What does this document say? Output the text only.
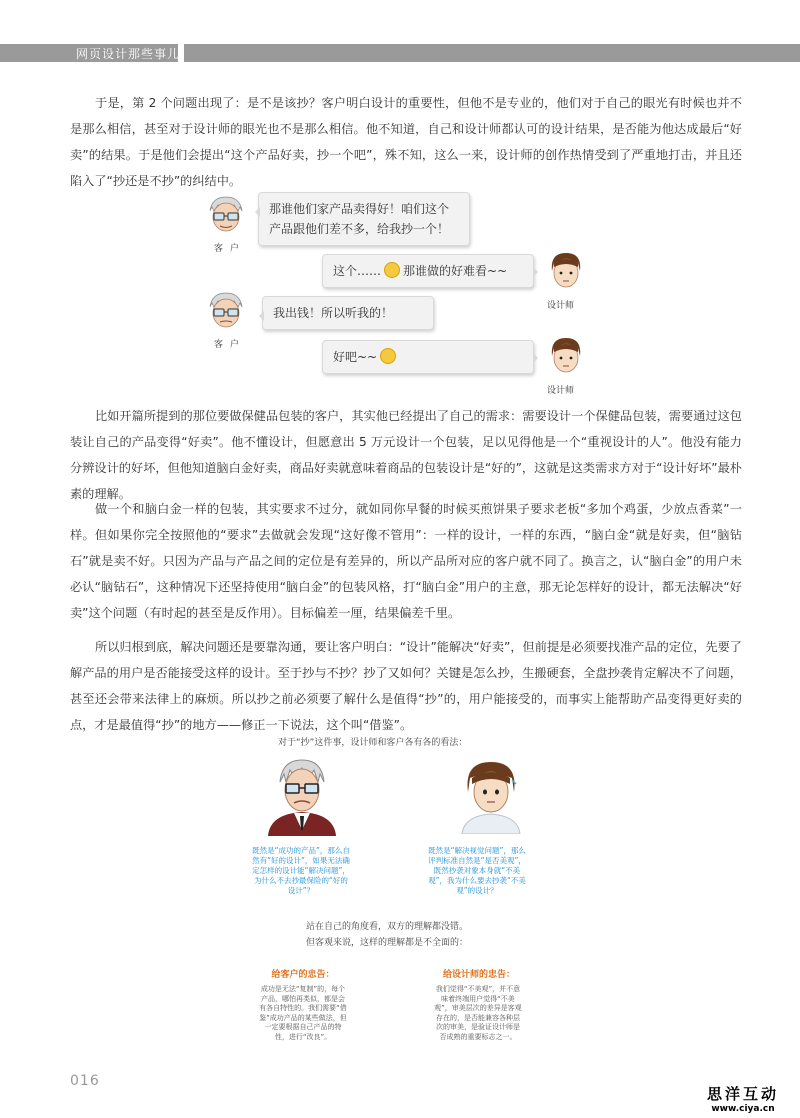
网页设计那些事儿
于是，第 2 个问题出现了：是不是该抄？客户明白设计的重要性，但他不是专业的，他们对于自己的眼光有时候也并不是那么相信，甚至对于设计师的眼光也不是那么相信。他不知道，自己和设计师都认可的设计结果，是否能为他达成最后“好卖”的结果。于是他们会提出“这个产品好卖，抄一个吧”，殊不知，这么一来，设计师的创作热情受到了严重地打击，并且还陷入了“抄还是不抄”的纠结中。
客 户
那谁他们家产品卖得好！咱们这个产品跟他们差不多，给我抄一个！
设计师
这个…… 那谁做的好难看~~
客 户
我出钱！所以听我的！
设计师
好吧~~
比如开篇所提到的那位要做保健品包装的客户，其实他已经提出了自己的需求：需要设计一个保健品包装，需要通过这包装让自己的产品变得“好卖”。他不懂设计，但愿意出 5 万元设计一个包装，足以见得他是一个“重视设计的人”。他没有能力分辨设计的好坏，但他知道脑白金好卖，商品好卖就意味着商品的包装设计是“好的”，这就是这类需求方对于“设计好坏”最朴素的理解。
做一个和脑白金一样的包装，其实要求不过分，就如同你早餐的时候买煎饼果子要求老板“多加个鸡蛋，少放点香菜”一样。但如果你完全按照他的“要求”去做就会发现“这好像不管用”：一样的设计，一样的东西，“脑白金“就是好卖，但“脑钻石”就是卖不好。只因为产品与产品之间的定位是有差异的，所以产品所对应的客户就不同了。换言之，认“脑白金”的用户未必认“脑钻石”，这种情况下还坚持使用“脑白金”的包装风格，打“脑白金”用户的主意，那无论怎样好的设计，都无法解决“好卖”这个问题（有时起的甚至是反作用）。目标偏差一厘，结果偏差千里。
所以归根到底，解决问题还是要靠沟通，要让客户明白：“设计”能解决“好卖”，但前提是必须要找准产品的定位，先要了解产品的用户是否能接受这样的设计。至于抄与不抄？抄了又如何？关键是怎么抄，生搬硬套，全盘抄袭肯定解决不了问题，甚至还会带来法律上的麻烦。所以抄之前必须要了解什么是值得“抄”的，用户能接受的，而事实上能帮助产品变得更好卖的点，才是最值得“抄”的地方——修正一下说法，这个叫“借鉴”。
对于“抄”这件事，设计师和客户各有各的看法：
既然是“成功的产品”，那么自然有“好的设计”，如果无法确定怎样的设计能“解决问题”，为什么不去抄最保险的“好的设计”？
既然是“解决视觉问题”，那么评判标准自然是“是否美观”，既然抄袭对象本身就“不美观”，我为什么要去抄袭“不美观”的设计？
站在自己的角度看，双方的理解都没错。
但客观来说，这样的理解都是不全面的：
给客户的忠告：	给设计师的忠告：
成功是无法“复制”的，每个产品，哪怕再类似，都是会有各自特性的。我们需要“借鉴”成功产品的某些做法，但一定要根据自己产品的特性，进行“改良”。
我们觉得“不美观”，并不意味着终端用户觉得“不美观”，审美层次的差异是客观存在的，是否能兼容各种层次的审美，是验证设计师是否成熟的重要标志之一。
016
思洋互动
www.ciya.cn
